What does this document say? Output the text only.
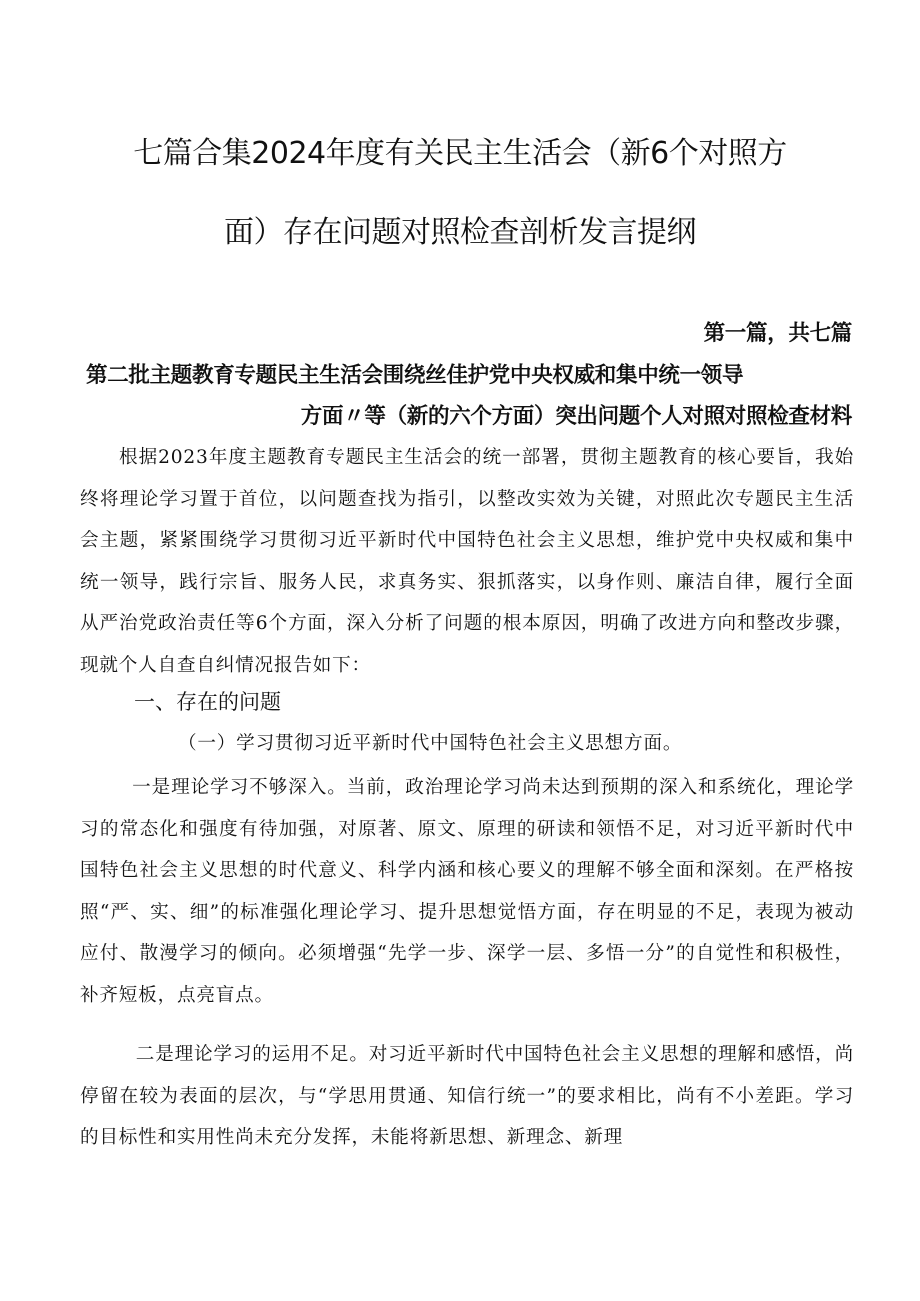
七篇合集2024年度有关民主生活会（新6个对照方
面）存在问题对照检查剖析发言提纲

第一篇，共七篇

第二批主题教育专题民主生活会围绕丝佳护党中央权威和集中统一领导

方面〃等（新的六个方面）突出问题个人对照对照检查材料

根据2023年度主题教育专题民主生活会的统一部署，贯彻主题教育的核心要旨，我始终将理论学习置于首位，以问题查找为指引，以整改实效为关键，对照此次专题民主生活会主题，紧紧围绕学习贯彻习近平新时代中国特色社会主义思想，维护党中央权威和集中统一领导，践行宗旨、服务人民，求真务实、狠抓落实，以身作则、廉洁自律，履行全面从严治党政治责任等6个方面，深入分析了问题的根本原因，明确了改进方向和整改步骤，现就个人自查自纠情况报告如下：

一、存在的问题

（一）学习贯彻习近平新时代中国特色社会主义思想方面。

一是理论学习不够深入。当前，政治理论学习尚未达到预期的深入和系统化，理论学习的常态化和强度有待加强，对原著、原文、原理的研读和领悟不足，对习近平新时代中国特色社会主义思想的时代意义、科学内涵和核心要义的理解不够全面和深刻。在严格按照“严、实、细”的标准强化理论学习、提升思想觉悟方面，存在明显的不足，表现为被动应付、散漫学习的倾向。必须增强“先学一步、深学一层、多悟一分”的自觉性和积极性，补齐短板，点亮盲点。

二是理论学习的运用不足。对习近平新时代中国特色社会主义思想的理解和感悟，尚停留在较为表面的层次，与“学思用贯通、知信行统一”的要求相比，尚有不小差距。学习的目标性和实用性尚未充分发挥，未能将新思想、新理念、新理
